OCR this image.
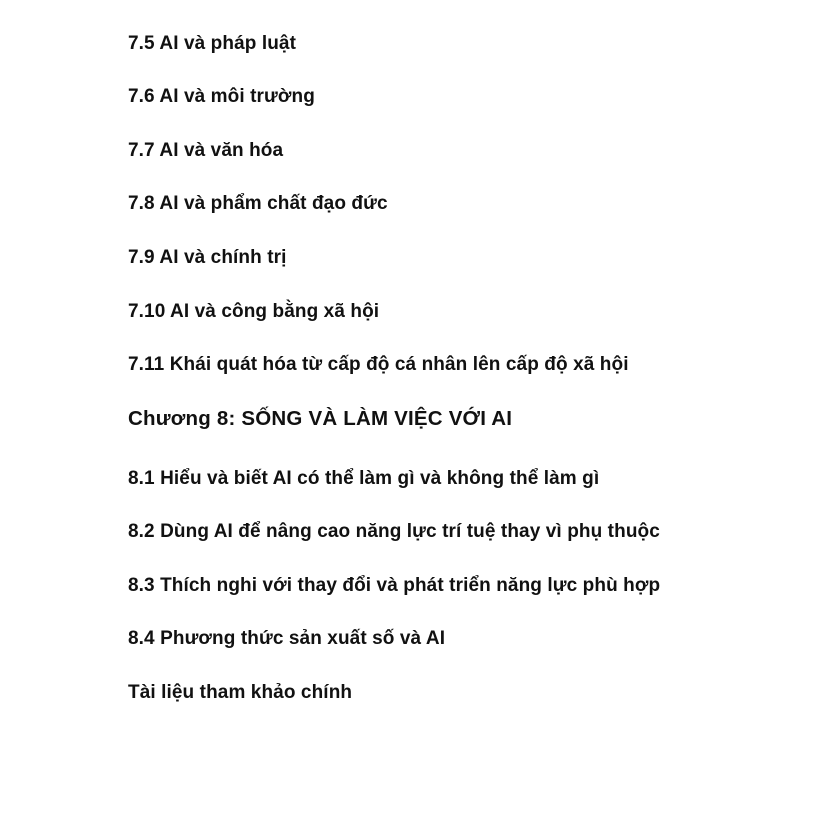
7.5 AI và pháp luật
7.6 AI và môi trường
7.7 AI và văn hóa
7.8 AI và phẩm chất đạo đức
7.9 AI và chính trị
7.10 AI và công bằng xã hội
7.11 Khái quát hóa từ cấp độ cá nhân lên cấp độ xã hội
Chương 8: SỐNG VÀ LÀM VIỆC VỚI AI
8.1 Hiểu và biết AI có thể làm gì và không thể làm gì
8.2 Dùng AI để nâng cao năng lực trí tuệ thay vì phụ thuộc
8.3 Thích nghi với thay đổi và phát triển năng lực phù hợp
8.4 Phương thức sản xuất số và AI
Tài liệu tham khảo chính
